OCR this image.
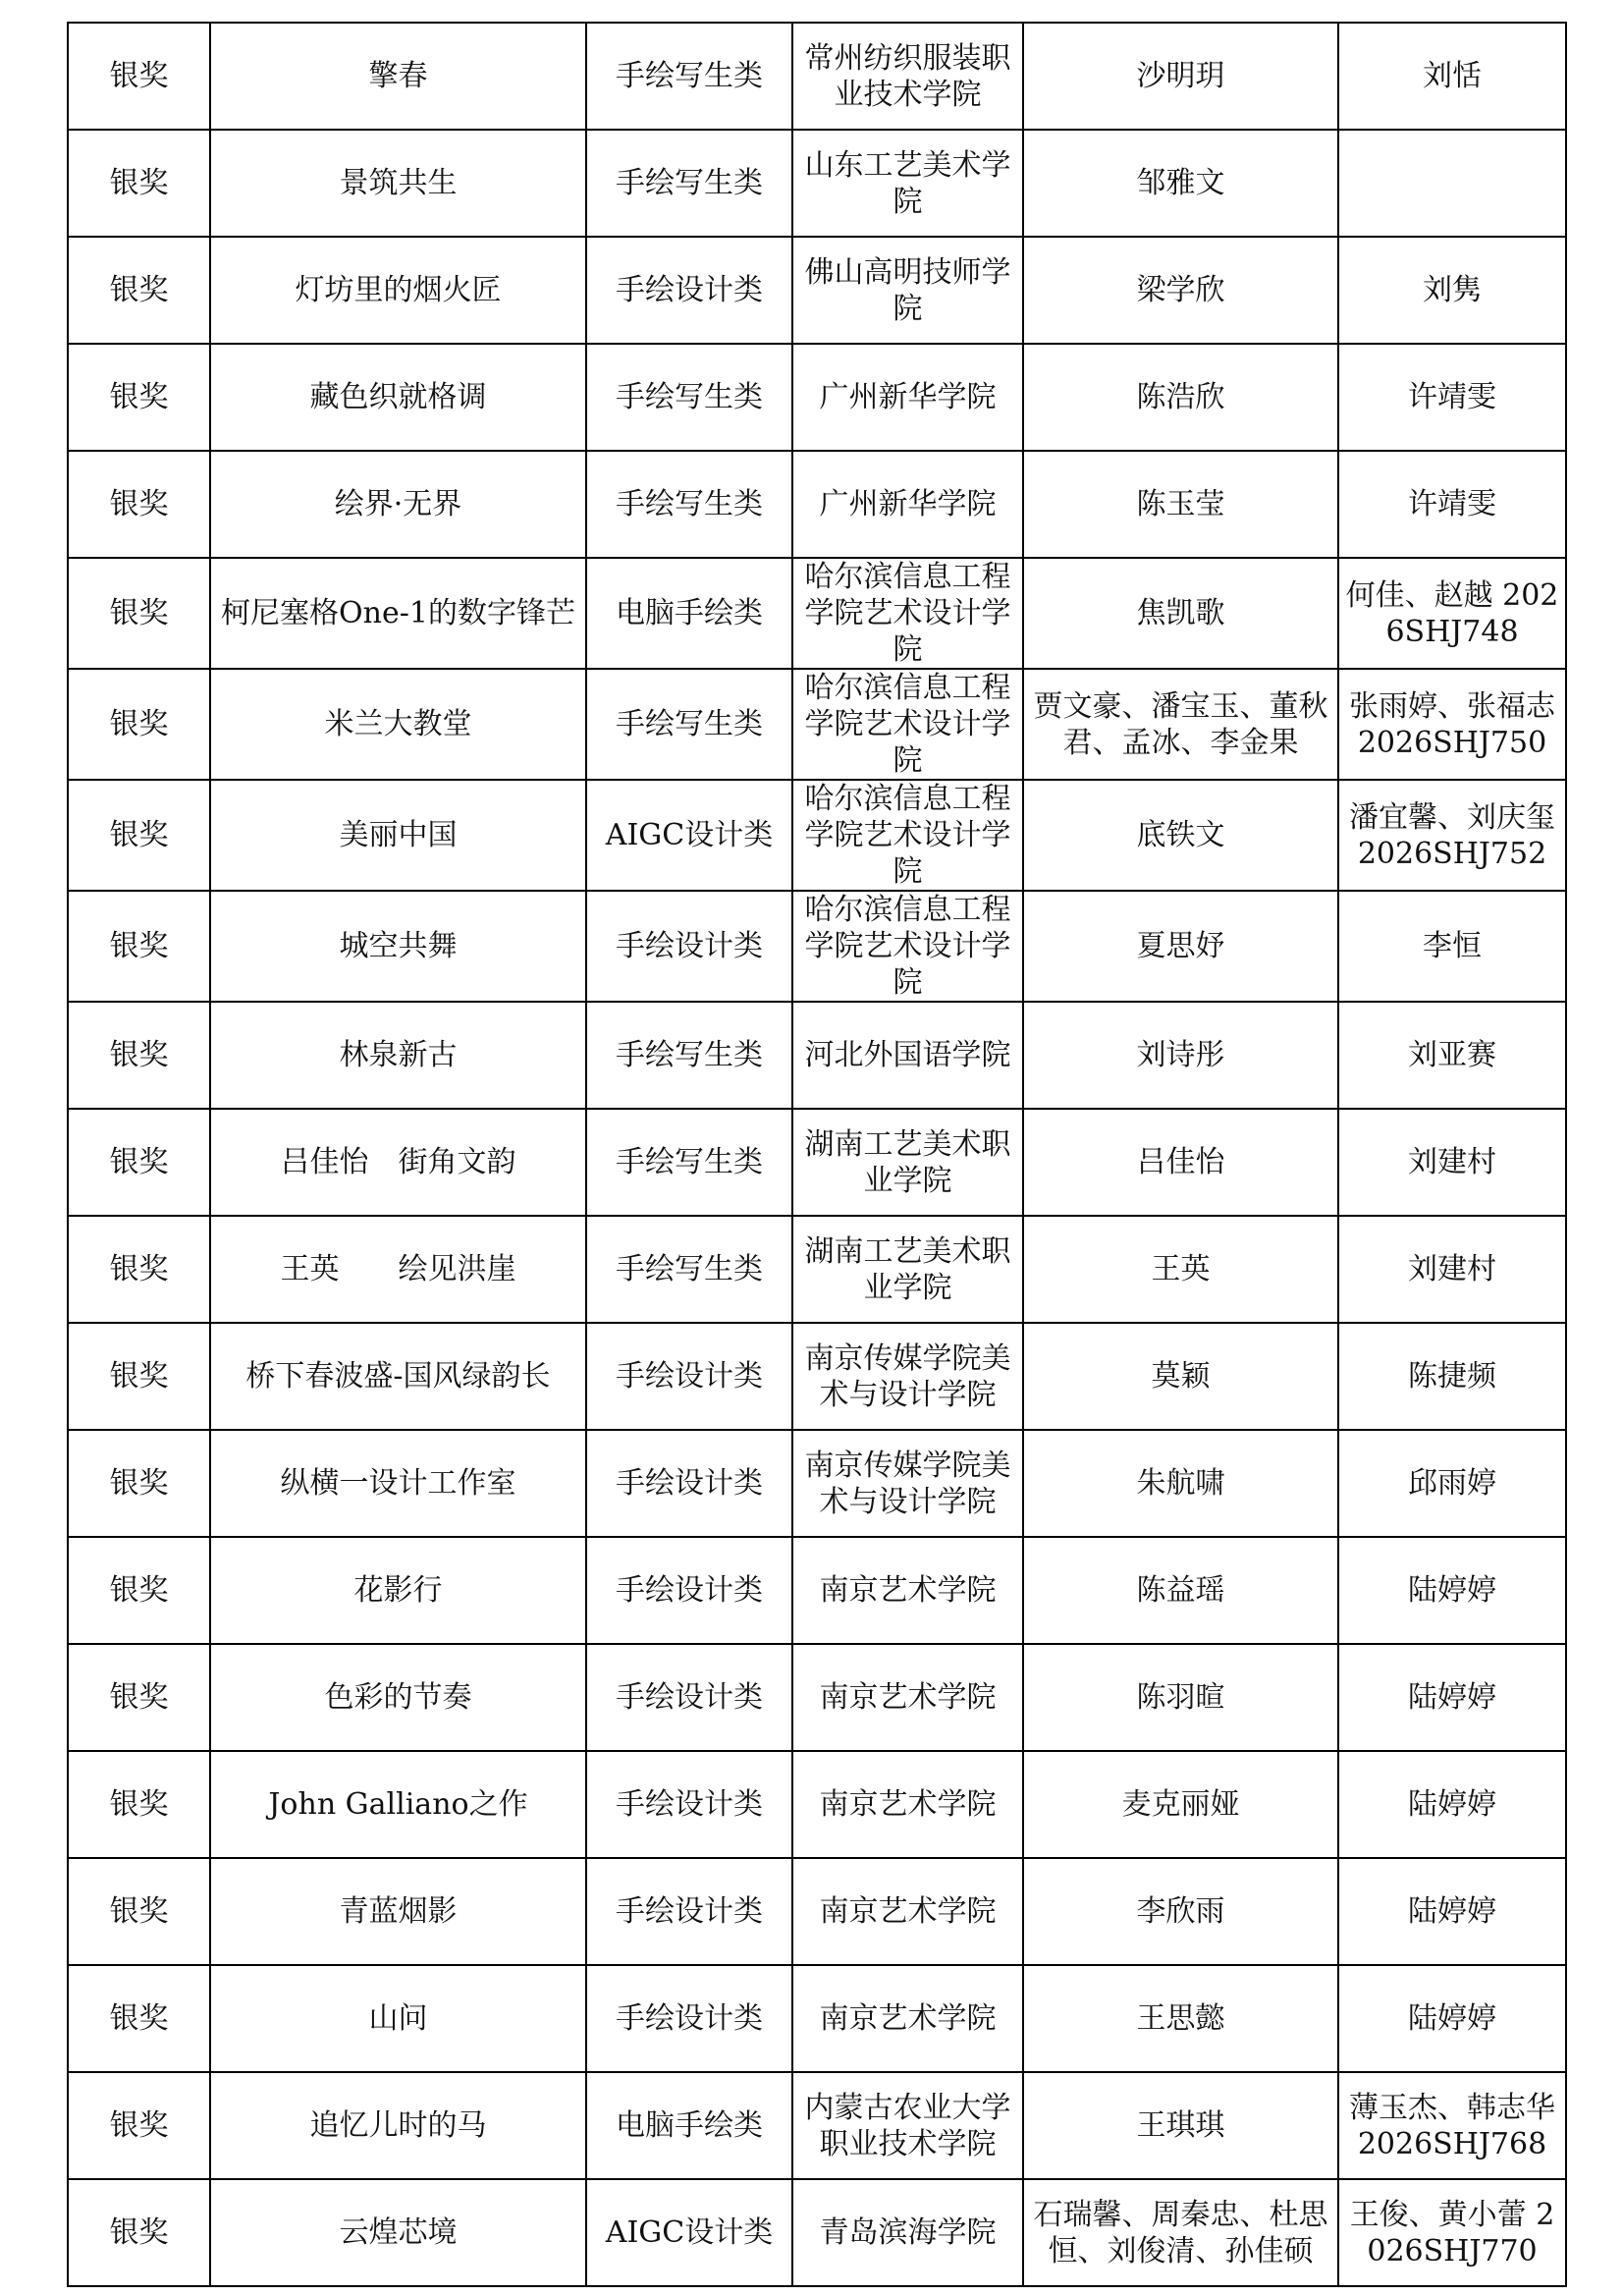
银奖	擎春	手绘写生类	常州纺织服装职业技术学院	沙明玥	刘恬
银奖	景筑共生	手绘写生类	山东工艺美术学院	邹雅文	
银奖	灯坊里的烟火匠	手绘设计类	佛山高明技师学院	梁学欣	刘隽
银奖	藏色织就格调	手绘写生类	广州新华学院	陈浩欣	许靖雯
银奖	绘界·无界	手绘写生类	广州新华学院	陈玉莹	许靖雯
银奖	柯尼塞格One-1的数字锋芒	电脑手绘类	哈尔滨信息工程学院艺术设计学院	焦凯歌	何佳、赵越 2026SHJ748
银奖	米兰大教堂	手绘写生类	哈尔滨信息工程学院艺术设计学院	贾文豪、潘宝玉、董秋君、孟冰、李金果	张雨婷、张福志 2026SHJ750
银奖	美丽中国	AIGC设计类	哈尔滨信息工程学院艺术设计学院	底铁文	潘宜馨、刘庆玺 2026SHJ752
银奖	城空共舞	手绘设计类	哈尔滨信息工程学院艺术设计学院	夏思妤	李恒
银奖	林泉新古	手绘写生类	河北外国语学院	刘诗彤	刘亚赛
银奖	吕佳怡　街角文韵	手绘写生类	湖南工艺美术职业学院	吕佳怡	刘建村
银奖	王英　　绘见洪崖	手绘写生类	湖南工艺美术职业学院	王英	刘建村
银奖	桥下春波盛-国风绿韵长	手绘设计类	南京传媒学院美术与设计学院	莫颖	陈捷频
银奖	纵横一设计工作室	手绘设计类	南京传媒学院美术与设计学院	朱航啸	邱雨婷
银奖	花影行	手绘设计类	南京艺术学院	陈益瑶	陆婷婷
银奖	色彩的节奏	手绘设计类	南京艺术学院	陈羽暄	陆婷婷
银奖	John Galliano之作	手绘设计类	南京艺术学院	麦克丽娅	陆婷婷
银奖	青蓝烟影	手绘设计类	南京艺术学院	李欣雨	陆婷婷
银奖	山问	手绘设计类	南京艺术学院	王思懿	陆婷婷
银奖	追忆儿时的马	电脑手绘类	内蒙古农业大学职业技术学院	王琪琪	薄玉杰、韩志华 2026SHJ768
银奖	云煌芯境	AIGC设计类	青岛滨海学院	石瑞馨、周秦忠、杜思恒、刘俊清、孙佳硕	王俊、黄小蕾 2026SHJ770
